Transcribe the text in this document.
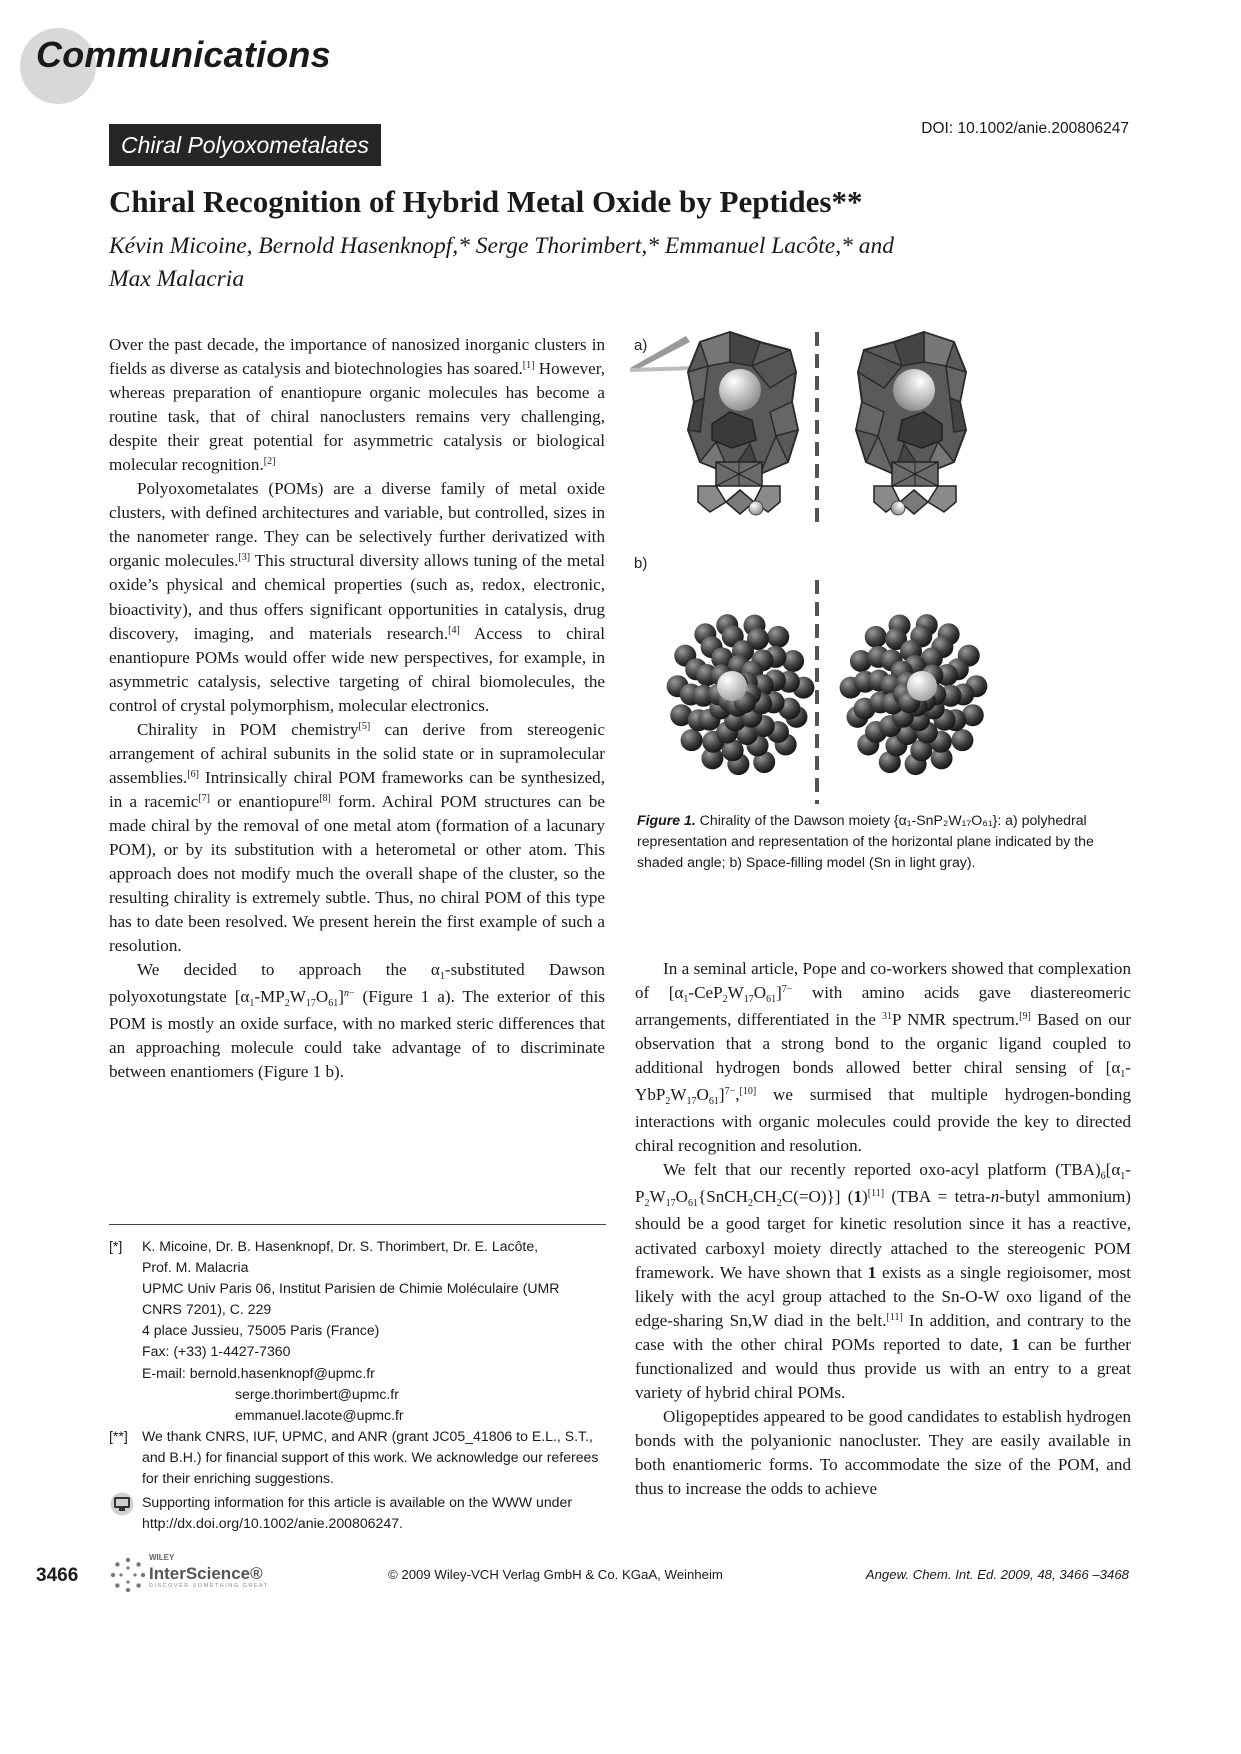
Communications
Chiral Polyoxometalates
DOI: 10.1002/anie.200806247
Chiral Recognition of Hybrid Metal Oxide by Peptides**
Kévin Micoine, Bernold Hasenknopf,* Serge Thorimbert,* Emmanuel Lacôte,* and
Max Malacria

Over the past decade, the importance of nanosized inorganic clusters in fields as diverse as catalysis and biotechnologies has soared.[1] However, whereas preparation of enantiopure organic molecules has become a routine task, that of chiral nanoclusters remains very challenging, despite their great potential for asymmetric catalysis or biological molecular recognition.[2]

Polyoxometalates (POMs) are a diverse family of metal oxide clusters, with defined architectures and variable, but controlled, sizes in the nanometer range. They can be selectively further derivatized with organic molecules.[3] This structural diversity allows tuning of the metal oxide’s physical and chemical properties (such as, redox, electronic, bioactivity), and thus offers significant opportunities in catalysis, drug discovery, imaging, and materials research.[4] Access to chiral enantiopure POMs would offer wide new perspectives, for example, in asymmetric catalysis, selective targeting of chiral biomolecules, the control of crystal polymorphism, molecular electronics.

Chirality in POM chemistry[5] can derive from stereogenic arrangement of achiral subunits in the solid state or in supramolecular assemblies.[6] Intrinsically chiral POM frameworks can be synthesized, in a racemic[7] or enantiopure[8] form. Achiral POM structures can be made chiral by the removal of one metal atom (formation of a lacunary POM), or by its substitution with a heterometal or other atom. This approach does not modify much the overall shape of the cluster, so the resulting chirality is extremely subtle. Thus, no chiral POM of this type has to date been resolved. We present herein the first example of such a resolution.

We decided to approach the $\alpha_1$-substituted Dawson polyoxotungstate $[\alpha_1-MP_2W_{17}O_{61}]^{n-}$ (Figure 1 a). The exterior of this POM is mostly an oxide surface, with no marked steric differences that an approaching molecule could take advantage of to discriminate between enantiomers (Figure 1 b).

a)
b)
Figure 1. Chirality of the Dawson moiety {α₁-SnP₂W₁₇O₆₁}: a) polyhedral representation and representation of the horizontal plane indicated by the shaded angle; b) Space-filling model (Sn in light gray).

In a seminal article, Pope and co-workers showed that complexation of $[\alpha_1-CeP_2W_{17}O_{61}]^{7-}$ with amino acids gave diastereomeric arrangements, differentiated in the $^{31}$P NMR spectrum.[9] Based on our observation that a strong bond to the organic ligand coupled to additional hydrogen bonds allowed better chiral sensing of $[\alpha_1-YbP_2W_{17}O_{61}]^{7-},[10]$ we surmised that multiple hydrogen-bonding interactions with organic molecules could provide the key to directed chiral recognition and resolution.

We felt that our recently reported oxo-acyl platform $(TBA)_6[\alpha_1-P_2W_{17}O_{61}\{SnCH_2CH_2C(=O)\}]$ (1)[11] (TBA = tetra-n-butyl ammonium) should be a good target for kinetic resolution since it has a reactive, activated carboxyl moiety directly attached to the stereogenic POM framework. We have shown that 1 exists as a single regioisomer, most likely with the acyl group attached to the Sn-O-W oxo ligand of the edge-sharing Sn,W diad in the belt.[11] In addition, and contrary to the case with the other chiral POMs reported to date, 1 can be further functionalized and would thus provide us with an entry to a great variety of hybrid chiral POMs.

Oligopeptides appeared to be good candidates to establish hydrogen bonds with the polyanionic nanocluster. They are easily available in both enantiomeric forms. To accommodate the size of the POM, and thus to increase the odds to achieve

[*] K. Micoine, Dr. B. Hasenknopf, Dr. S. Thorimbert, Dr. E. Lacôte,

Prof. M. Malacria

UPMC Univ Paris 06, Institut Parisien de Chimie Moléculaire (UMR

CNRS 7201), C. 229

4 place Jussieu, 75005 Paris (France)

Fax: (+33) 1-4427-7360

E-mail: bernold.hasenknopf@upmc.fr

serge.thorimbert@upmc.fr

emmanuel.lacote@upmc.fr

[**] We thank CNRS, IUF, UPMC, and ANR (grant JC05_41806 to E.L., S.T., and B.H.) for financial support of this work. We acknowledge our referees for their enriching suggestions.
Supporting information for this article is available on the WWW under http://dx.doi.org/10.1002/anie.200806247.
3466
WILEY
InterScience®
DISCOVER SOMETHING GREAT
© 2009 Wiley-VCH Verlag GmbH & Co. KGaA, Weinheim	Angew. Chem. Int. Ed. 2009, 48, 3466 –3468
